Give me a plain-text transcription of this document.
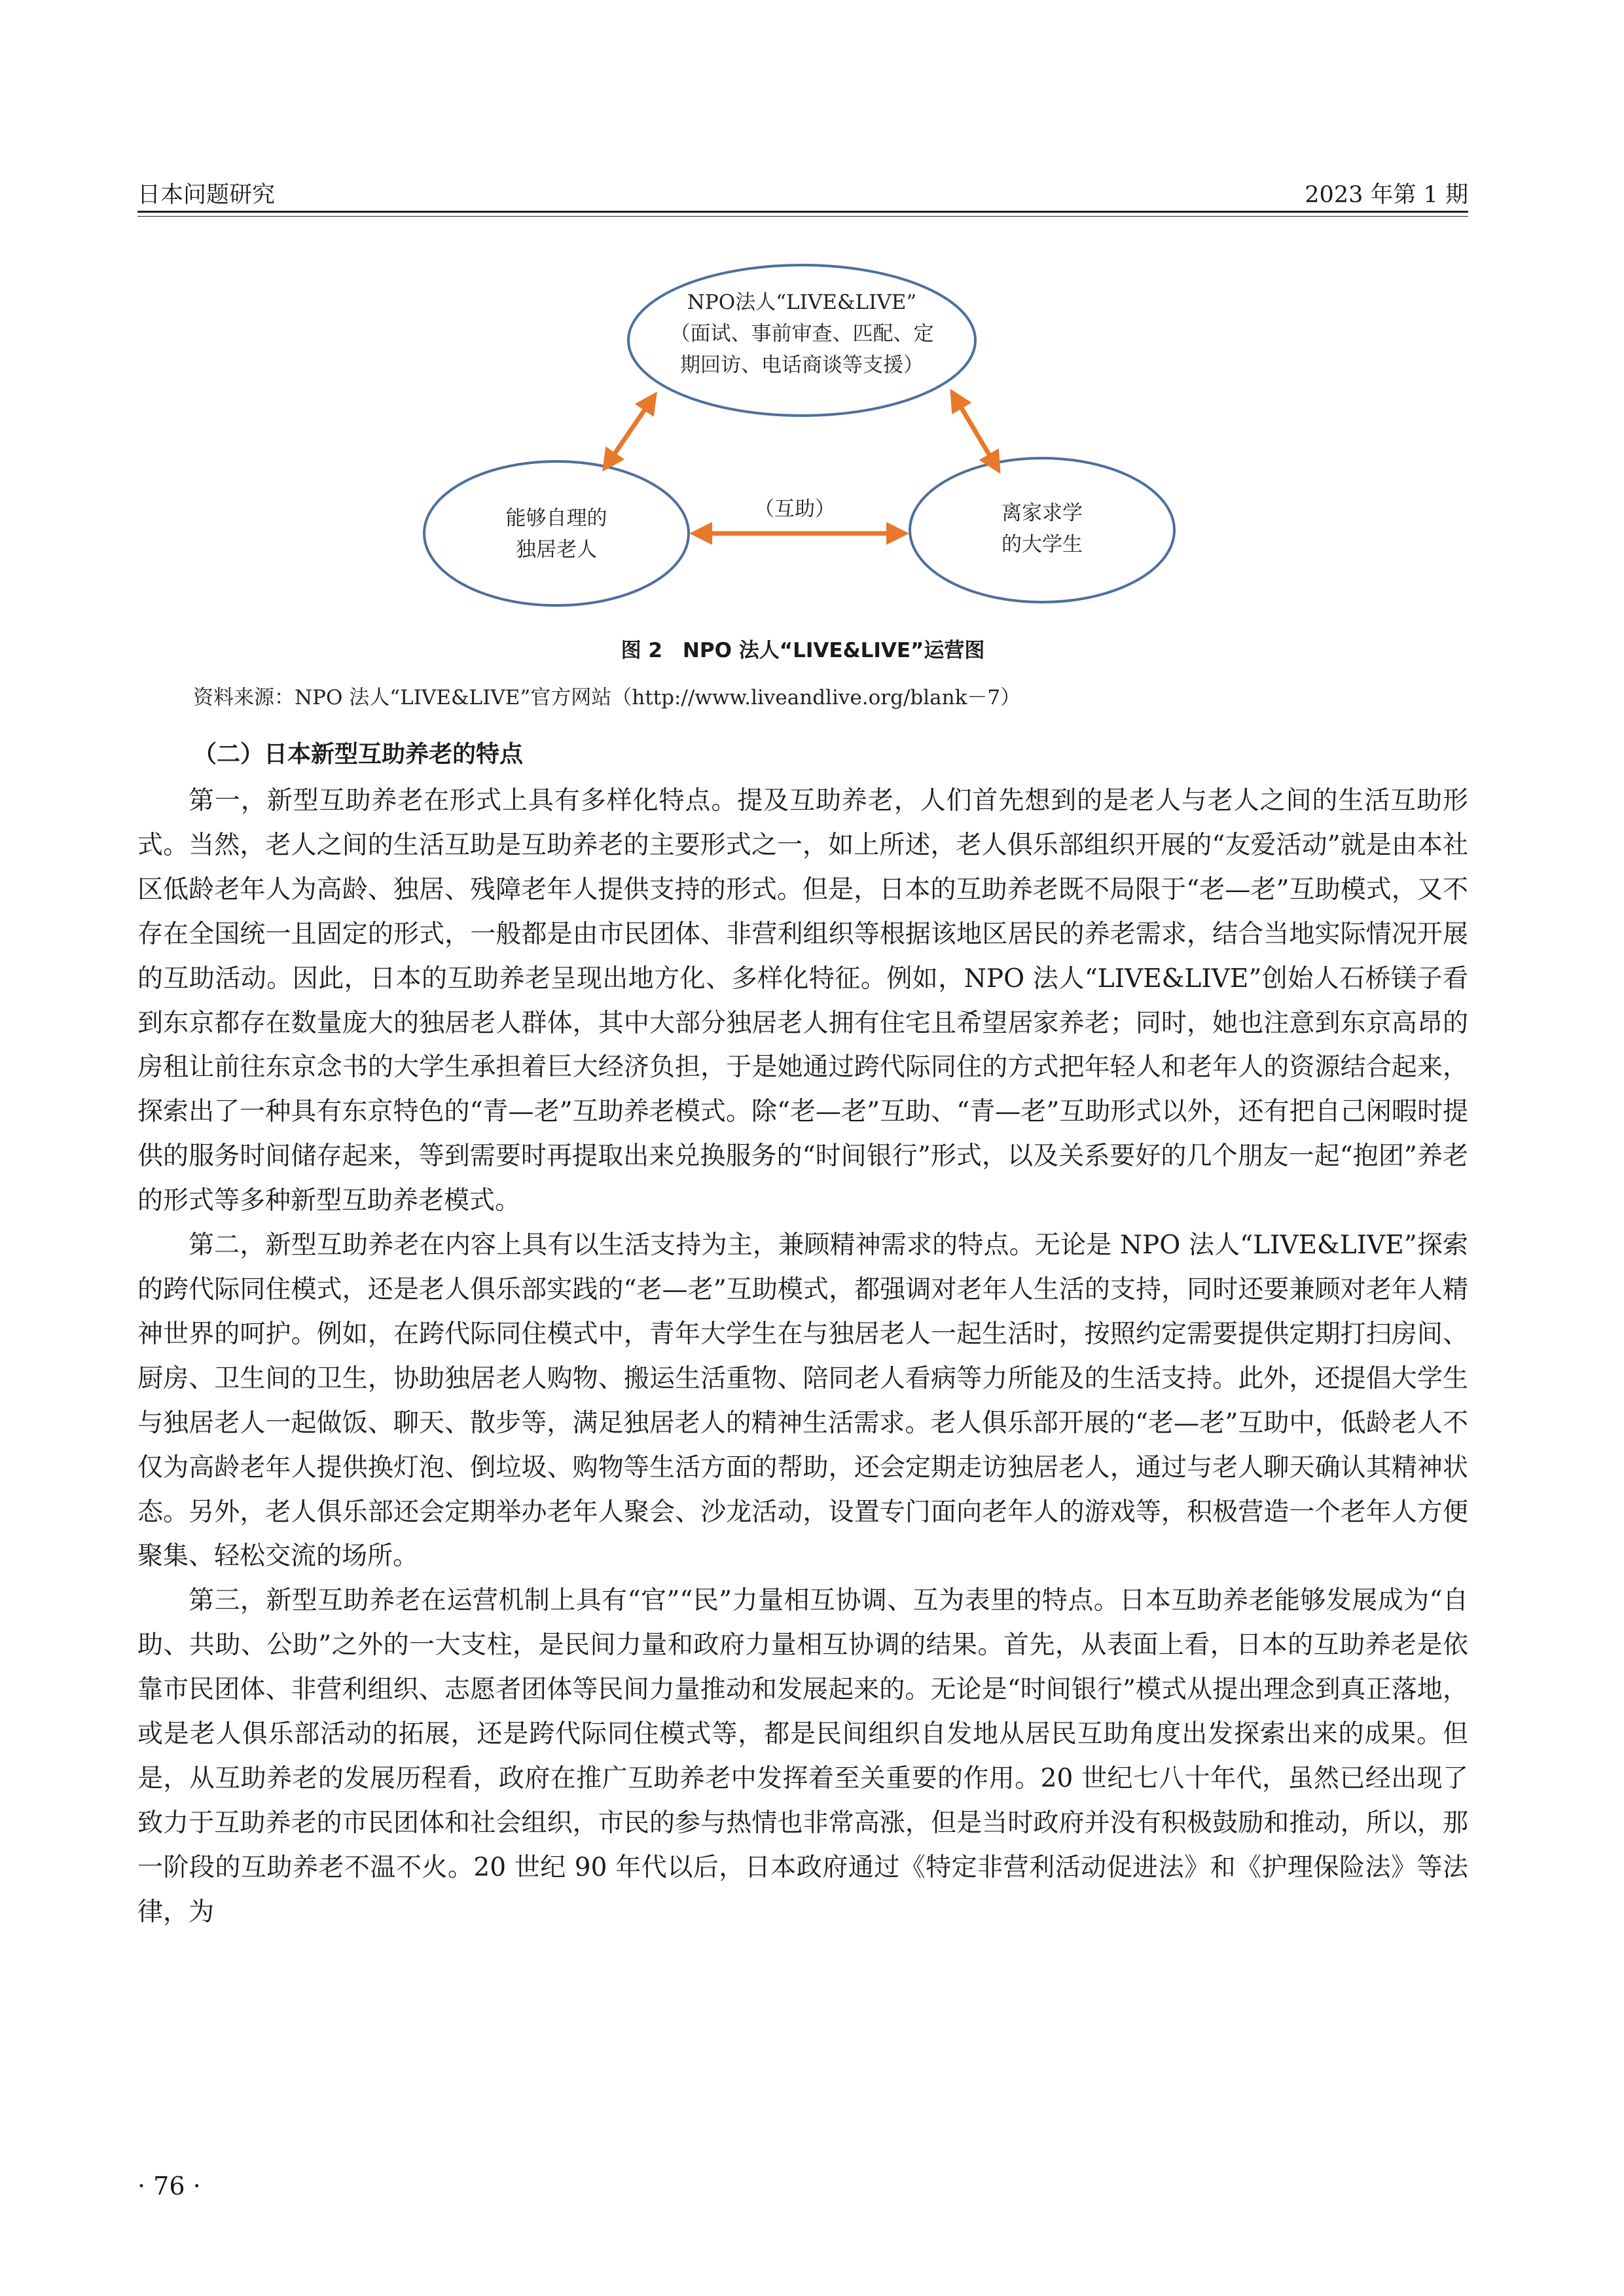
日本问题研究	2023 年第 1 期
NPO法人“LIVE&LIVE”
（面试、事前审查、匹配、定
期回访、电话商谈等支援）
能够自理的
独居老人
离家求学
的大学生
（互助）
图 2　NPO 法人“LIVE&LIVE”运营图
资料来源：NPO 法人“LIVE&LIVE”官方网站（http://www.liveandlive.org/blank－7）
（二）日本新型互助养老的特点

第一，新型互助养老在形式上具有多样化特点。提及互助养老，人们首先想到的是老人与老人之间的生活互助形式。当然，老人之间的生活互助是互助养老的主要形式之一，如上所述，老人俱乐部组织开展的“友爱活动”就是由本社区低龄老年人为高龄、独居、残障老年人提供支持的形式。但是，日本的互助养老既不局限于“老—老”互助模式，又不存在全国统一且固定的形式，一般都是由市民团体、非营利组织等根据该地区居民的养老需求，结合当地实际情况开展的互助活动。因此，日本的互助养老呈现出地方化、多样化特征。例如，NPO 法人“LIVE&LIVE”创始人石桥镁子看到东京都存在数量庞大的独居老人群体，其中大部分独居老人拥有住宅且希望居家养老；同时，她也注意到东京高昂的房租让前往东京念书的大学生承担着巨大经济负担，于是她通过跨代际同住的方式把年轻人和老年人的资源结合起来，探索出了一种具有东京特色的“青—老”互助养老模式。除“老—老”互助、“青—老”互助形式以外，还有把自己闲暇时提供的服务时间储存起来，等到需要时再提取出来兑换服务的“时间银行”形式，以及关系要好的几个朋友一起“抱团”养老的形式等多种新型互助养老模式。

第二，新型互助养老在内容上具有以生活支持为主，兼顾精神需求的特点。无论是 NPO 法人“LIVE&LIVE”探索的跨代际同住模式，还是老人俱乐部实践的“老—老”互助模式，都强调对老年人生活的支持，同时还要兼顾对老年人精神世界的呵护。例如，在跨代际同住模式中，青年大学生在与独居老人一起生活时，按照约定需要提供定期打扫房间、厨房、卫生间的卫生，协助独居老人购物、搬运生活重物、陪同老人看病等力所能及的生活支持。此外，还提倡大学生与独居老人一起做饭、聊天、散步等，满足独居老人的精神生活需求。老人俱乐部开展的“老—老”互助中，低龄老人不仅为高龄老年人提供换灯泡、倒垃圾、购物等生活方面的帮助，还会定期走访独居老人，通过与老人聊天确认其精神状态。另外，老人俱乐部还会定期举办老年人聚会、沙龙活动，设置专门面向老年人的游戏等，积极营造一个老年人方便聚集、轻松交流的场所。

第三，新型互助养老在运营机制上具有“官”“民”力量相互协调、互为表里的特点。日本互助养老能够发展成为“自助、共助、公助”之外的一大支柱，是民间力量和政府力量相互协调的结果。首先，从表面上看，日本的互助养老是依靠市民团体、非营利组织、志愿者团体等民间力量推动和发展起来的。无论是“时间银行”模式从提出理念到真正落地，或是老人俱乐部活动的拓展，还是跨代际同住模式等，都是民间组织自发地从居民互助角度出发探索出来的成果。但是，从互助养老的发展历程看，政府在推广互助养老中发挥着至关重要的作用。20 世纪七八十年代，虽然已经出现了致力于互助养老的市民团体和社会组织，市民的参与热情也非常高涨，但是当时政府并没有积极鼓励和推动，所以，那一阶段的互助养老不温不火。20 世纪 90 年代以后，日本政府通过《特定非营利活动促进法》和《护理保险法》等法律，为

· 76 ·
